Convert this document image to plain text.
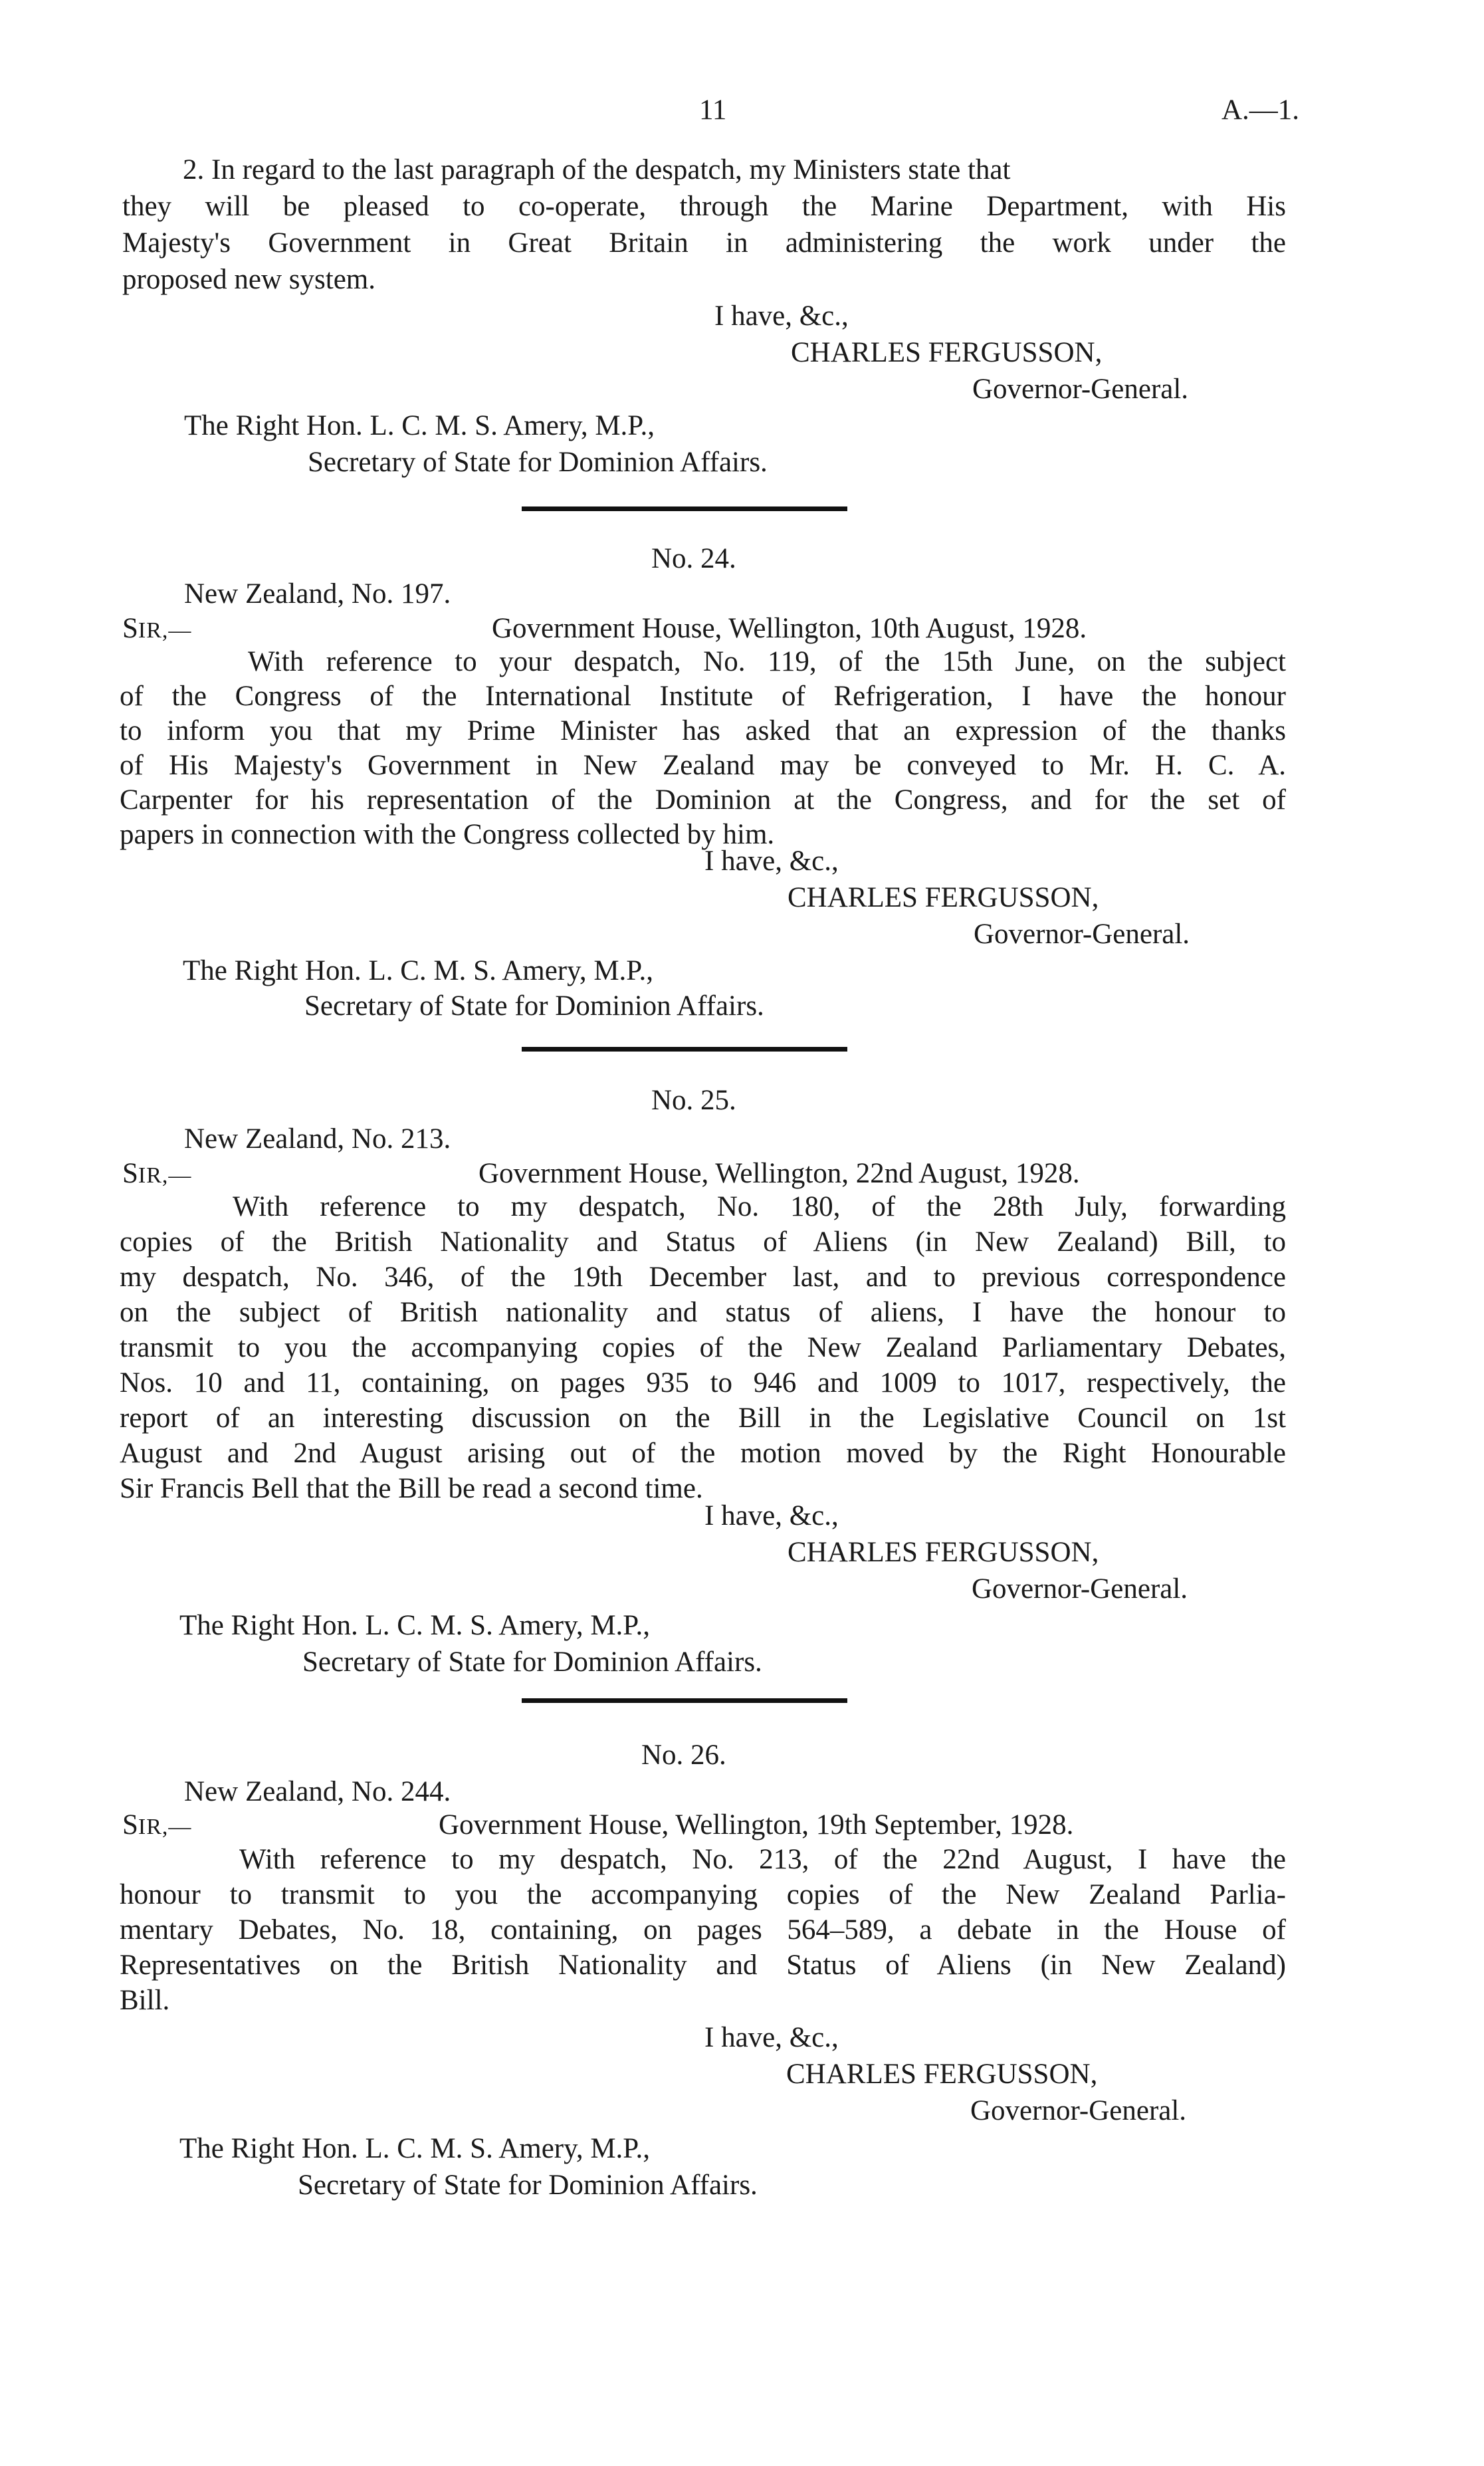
11	A.—1.
2. In regard to the last paragraph of the despatch, my Ministers state that
they will be pleased to co-operate, through the Marine Department, with His
Majesty's Government in Great Britain in administering the work under the
proposed new system.
I have, &c.,
CHARLES FERGUSSON,
Governor-General.
The Right Hon. L. C. M. S. Amery, M.P.,
Secretary of State for Dominion Affairs.
No. 24.
New Zealand, No. 197.
SIR,—	Government House, Wellington, 10th August, 1928.
With reference to your despatch, No. 119, of the 15th June, on the subject
of the Congress of the International Institute of Refrigeration, I have the honour
to inform you that my Prime Minister has asked that an expression of the thanks
of His Majesty's Government in New Zealand may be conveyed to Mr. H. C. A.
Carpenter for his representation of the Dominion at the Congress, and for the set of
papers in connection with the Congress collected by him.
I have, &c.,
CHARLES FERGUSSON,
Governor-General.
The Right Hon. L. C. M. S. Amery, M.P.,
Secretary of State for Dominion Affairs.
No. 25.
New Zealand, No. 213.
SIR,—	Government House, Wellington, 22nd August, 1928.
With reference to my despatch, No. 180, of the 28th July, forwarding
copies of the British Nationality and Status of Aliens (in New Zealand) Bill, to
my despatch, No. 346, of the 19th December last, and to previous correspondence
on the subject of British nationality and status of aliens, I have the honour to
transmit to you the accompanying copies of the New Zealand Parliamentary Debates,
Nos. 10 and 11, containing, on pages 935 to 946 and 1009 to 1017, respectively, the
report of an interesting discussion on the Bill in the Legislative Council on 1st
August and 2nd August arising out of the motion moved by the Right Honourable
Sir Francis Bell that the Bill be read a second time.
I have, &c.,
CHARLES FERGUSSON,
Governor-General.
The Right Hon. L. C. M. S. Amery, M.P.,
Secretary of State for Dominion Affairs.
No. 26.
New Zealand, No. 244.
SIR,—	Government House, Wellington, 19th September, 1928.
With reference to my despatch, No. 213, of the 22nd August, I have the
honour to transmit to you the accompanying copies of the New Zealand Parlia-
mentary Debates, No. 18, containing, on pages 564–589, a debate in the House of
Representatives on the British Nationality and Status of Aliens (in New Zealand)
Bill.
I have, &c.,
CHARLES FERGUSSON,
Governor-General.
The Right Hon. L. C. M. S. Amery, M.P.,
Secretary of State for Dominion Affairs.
